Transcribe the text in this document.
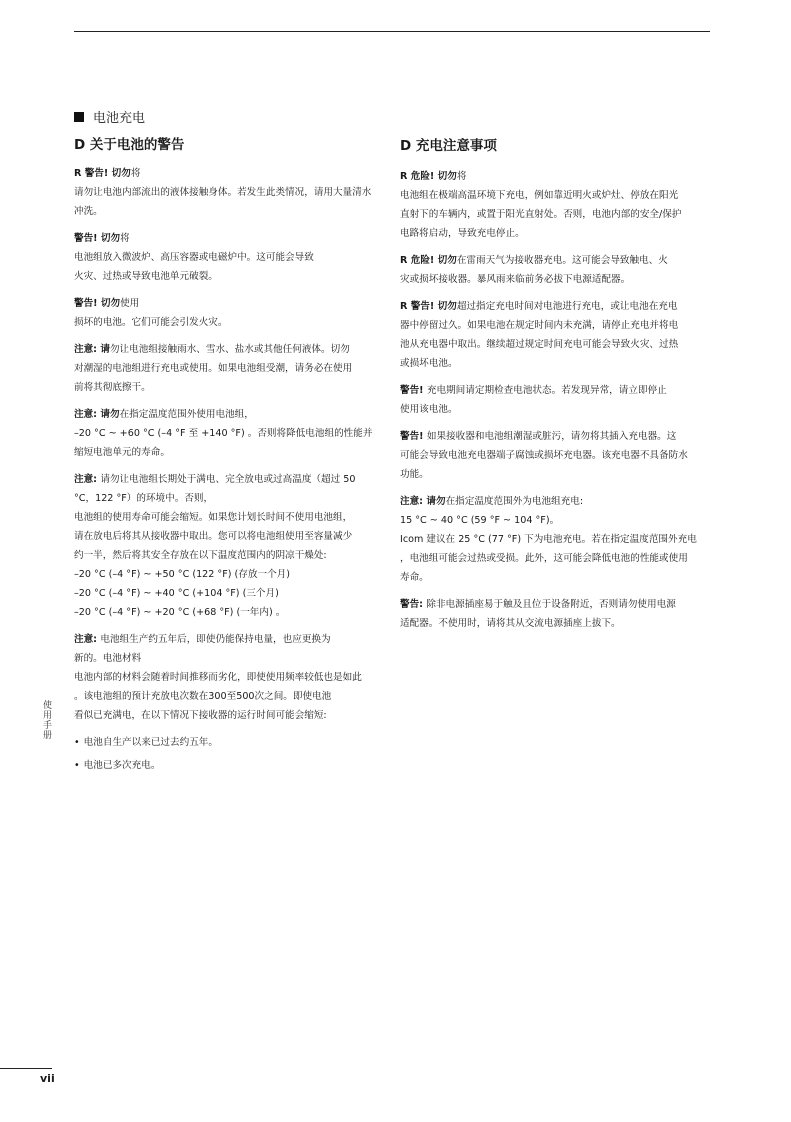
电池充电
D 关于电池的警告
R 警告! 切勿将
请勿让电池内部流出的液体接触身体。若发生此类情况，请用大量清水
冲洗。
警告! 切勿将
电池组放入微波炉、高压容器或电磁炉中。这可能会导致
火灾、过热或导致电池单元破裂。
警告! 切勿使用
损坏的电池。它们可能会引发火灾。
注意: 请勿让电池组接触雨水、雪水、盐水或其他任何液体。切勿
对潮湿的电池组进行充电或使用。如果电池组受潮，请务必在使用
前将其彻底擦干。
注意: 请勿在指定温度范围外使用电池组，
–20 °C ~ +60 °C (–4 °F 至 +140 °F) 。否则将降低电池组的性能并
缩短电池单元的寿命。
注意: 请勿让电池组长期处于满电、完全放电或过高温度（超过 50
°C，122 °F）的环境中。否则，
电池组的使用寿命可能会缩短。如果您计划长时间不使用电池组，
请在放电后将其从接收器中取出。您可以将电池组使用至容量减少
约一半，然后将其安全存放在以下温度范围内的阴凉干燥处:
–20 °C (–4 °F) ~ +50 °C (122 °F) (存放一个月)
–20 °C (–4 °F) ~ +40 °C (+104 °F) (三个月)
–20 °C (–4 °F) ~ +20 °C (+68 °F) (一年内) 。
注意: 电池组生产约五年后，即使仍能保持电量，也应更换为
新的。电池材料
电池内部的材料会随着时间推移而劣化，即使使用频率较低也是如此
。该电池组的预计充放电次数在300至500次之间。即使电池
看似已充满电，在以下情况下接收器的运行时间可能会缩短:
• 电池自生产以来已过去约五年。
• 电池已多次充电。
D 充电注意事项
R 危险! 切勿将
电池组在极端高温环境下充电，例如靠近明火或炉灶、停放在阳光
直射下的车辆内，或置于阳光直射处。否则，电池内部的安全/保护
电路将启动，导致充电停止。
R 危险! 切勿在雷雨天气为接收器充电。这可能会导致触电、火
灾或损坏接收器。暴风雨来临前务必拔下电源适配器。
R 警告! 切勿超过指定充电时间对电池进行充电，或让电池在充电
器中停留过久。如果电池在规定时间内未充满，请停止充电并将电
池从充电器中取出。继续超过规定时间充电可能会导致火灾、过热
或损坏电池。
警告! 充电期间请定期检查电池状态。若发现异常，请立即停止
使用该电池。
警告! 如果接收器和电池组潮湿或脏污，请勿将其插入充电器。这
可能会导致电池充电器端子腐蚀或损坏充电器。该充电器不具备防水
功能。
注意: 请勿在指定温度范围外为电池组充电:
15 °C ~ 40 °C (59 °F ~ 104 °F)。
Icom 建议在 25 °C (77 °F) 下为电池充电。若在指定温度范围外充电
，电池组可能会过热或受损。此外，这可能会降低电池的性能或使用
寿命。
警告: 除非电源插座易于触及且位于设备附近，否则请勿使用电源
适配器。不使用时，请将其从交流电源插座上拔下。
使用手册
vii
